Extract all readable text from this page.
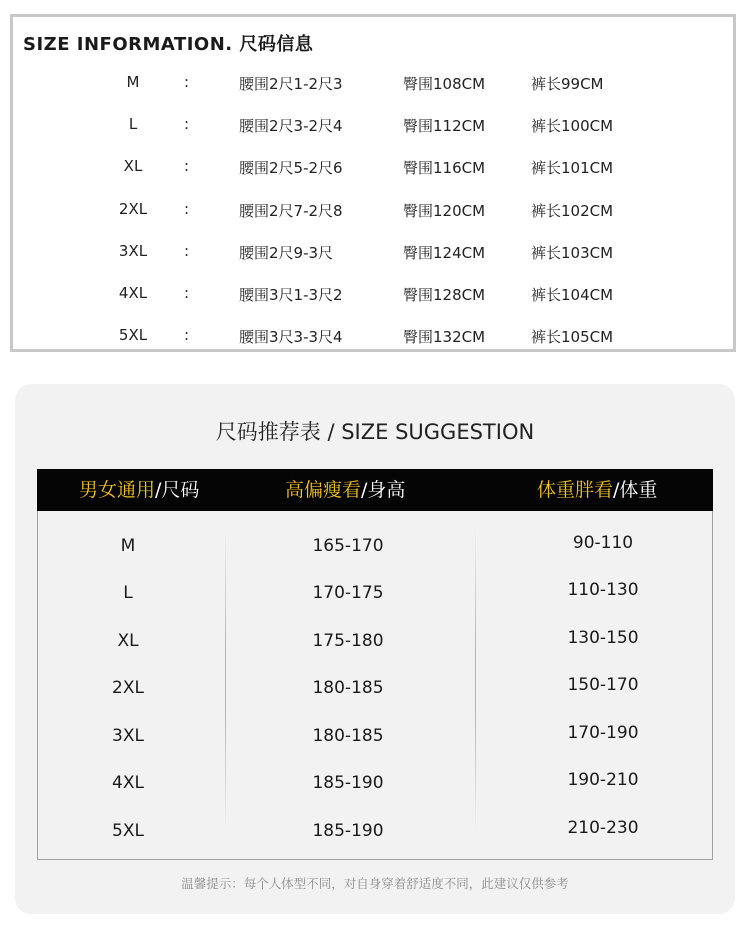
SIZE INFORMATION. 尺码信息
M	:	腰围2尺1-2尺3	臀围108CM	裤长99CM
L	:	腰围2尺3-2尺4	臀围112CM	裤长100CM
XL	:	腰围2尺5-2尺6	臀围116CM	裤长101CM
2XL	:	腰围2尺7-2尺8	臀围120CM	裤长102CM
3XL	:	腰围2尺9-3尺	臀围124CM	裤长103CM
4XL	:	腰围3尺1-3尺2	臀围128CM	裤长104CM
5XL	:	腰围3尺3-3尺4	臀围132CM	裤长105CM
尺码推荐表 / SIZE SUGGESTION
男女通用/尺码	高偏瘦看/身高	体重胖看/体重
M	165-170	90-110
L	170-175	110-130
XL	175-180	130-150
2XL	180-185	150-170
3XL	180-185	170-190
4XL	185-190	190-210
5XL	185-190	210-230
温馨提示：每个人体型不同，对自身穿着舒适度不同，此建议仅供参考
